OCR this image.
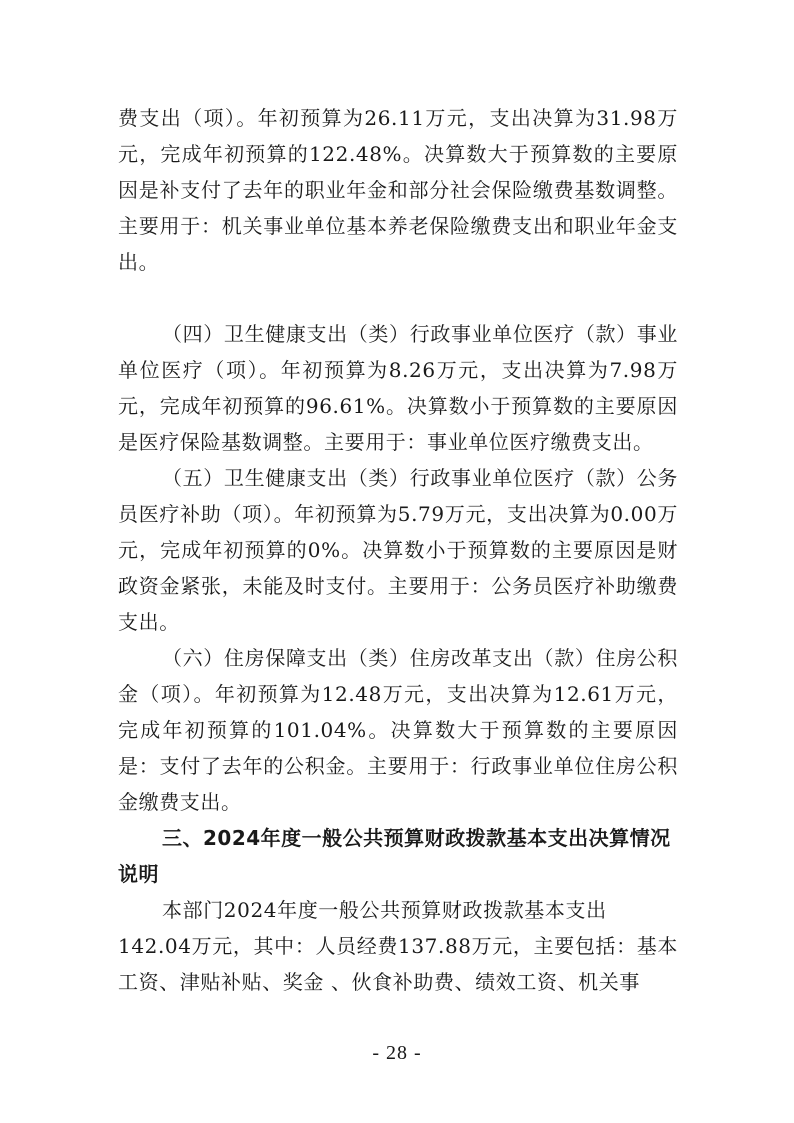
费支出（项）。年初预算为26.11万元，支出决算为31.98万元，完成年初预算的122.48%。决算数大于预算数的主要原因是补支付了去年的职业年金和部分社会保险缴费基数调整。主要用于：机关事业单位基本养老保险缴费支出和职业年金支出。

（四）卫生健康支出（类）行政事业单位医疗（款）事业单位医疗（项）。年初预算为8.26万元，支出决算为7.98万元，完成年初预算的96.61%。决算数小于预算数的主要原因是医疗保险基数调整。主要用于：事业单位医疗缴费支出。

（五）卫生健康支出（类）行政事业单位医疗（款）公务员医疗补助（项）。年初预算为5.79万元，支出决算为0.00万元，完成年初预算的0%。决算数小于预算数的主要原因是财政资金紧张，未能及时支付。主要用于：公务员医疗补助缴费支出。

（六）住房保障支出（类）住房改革支出（款）住房公积金（项）。年初预算为12.48万元，支出决算为12.61万元，完成年初预算的101.04%。决算数大于预算数的主要原因是：支付了去年的公积金。主要用于：行政事业单位住房公积金缴费支出。

三、2024年度一般公共预算财政拨款基本支出决算情况说明

本部门2024年度一般公共预算财政拨款基本支出

142.04万元，其中：人员经费137.88万元，主要包括：基本工资、津贴补贴、奖金 、伙食补助费、绩效工资、机关事

- 28 -
